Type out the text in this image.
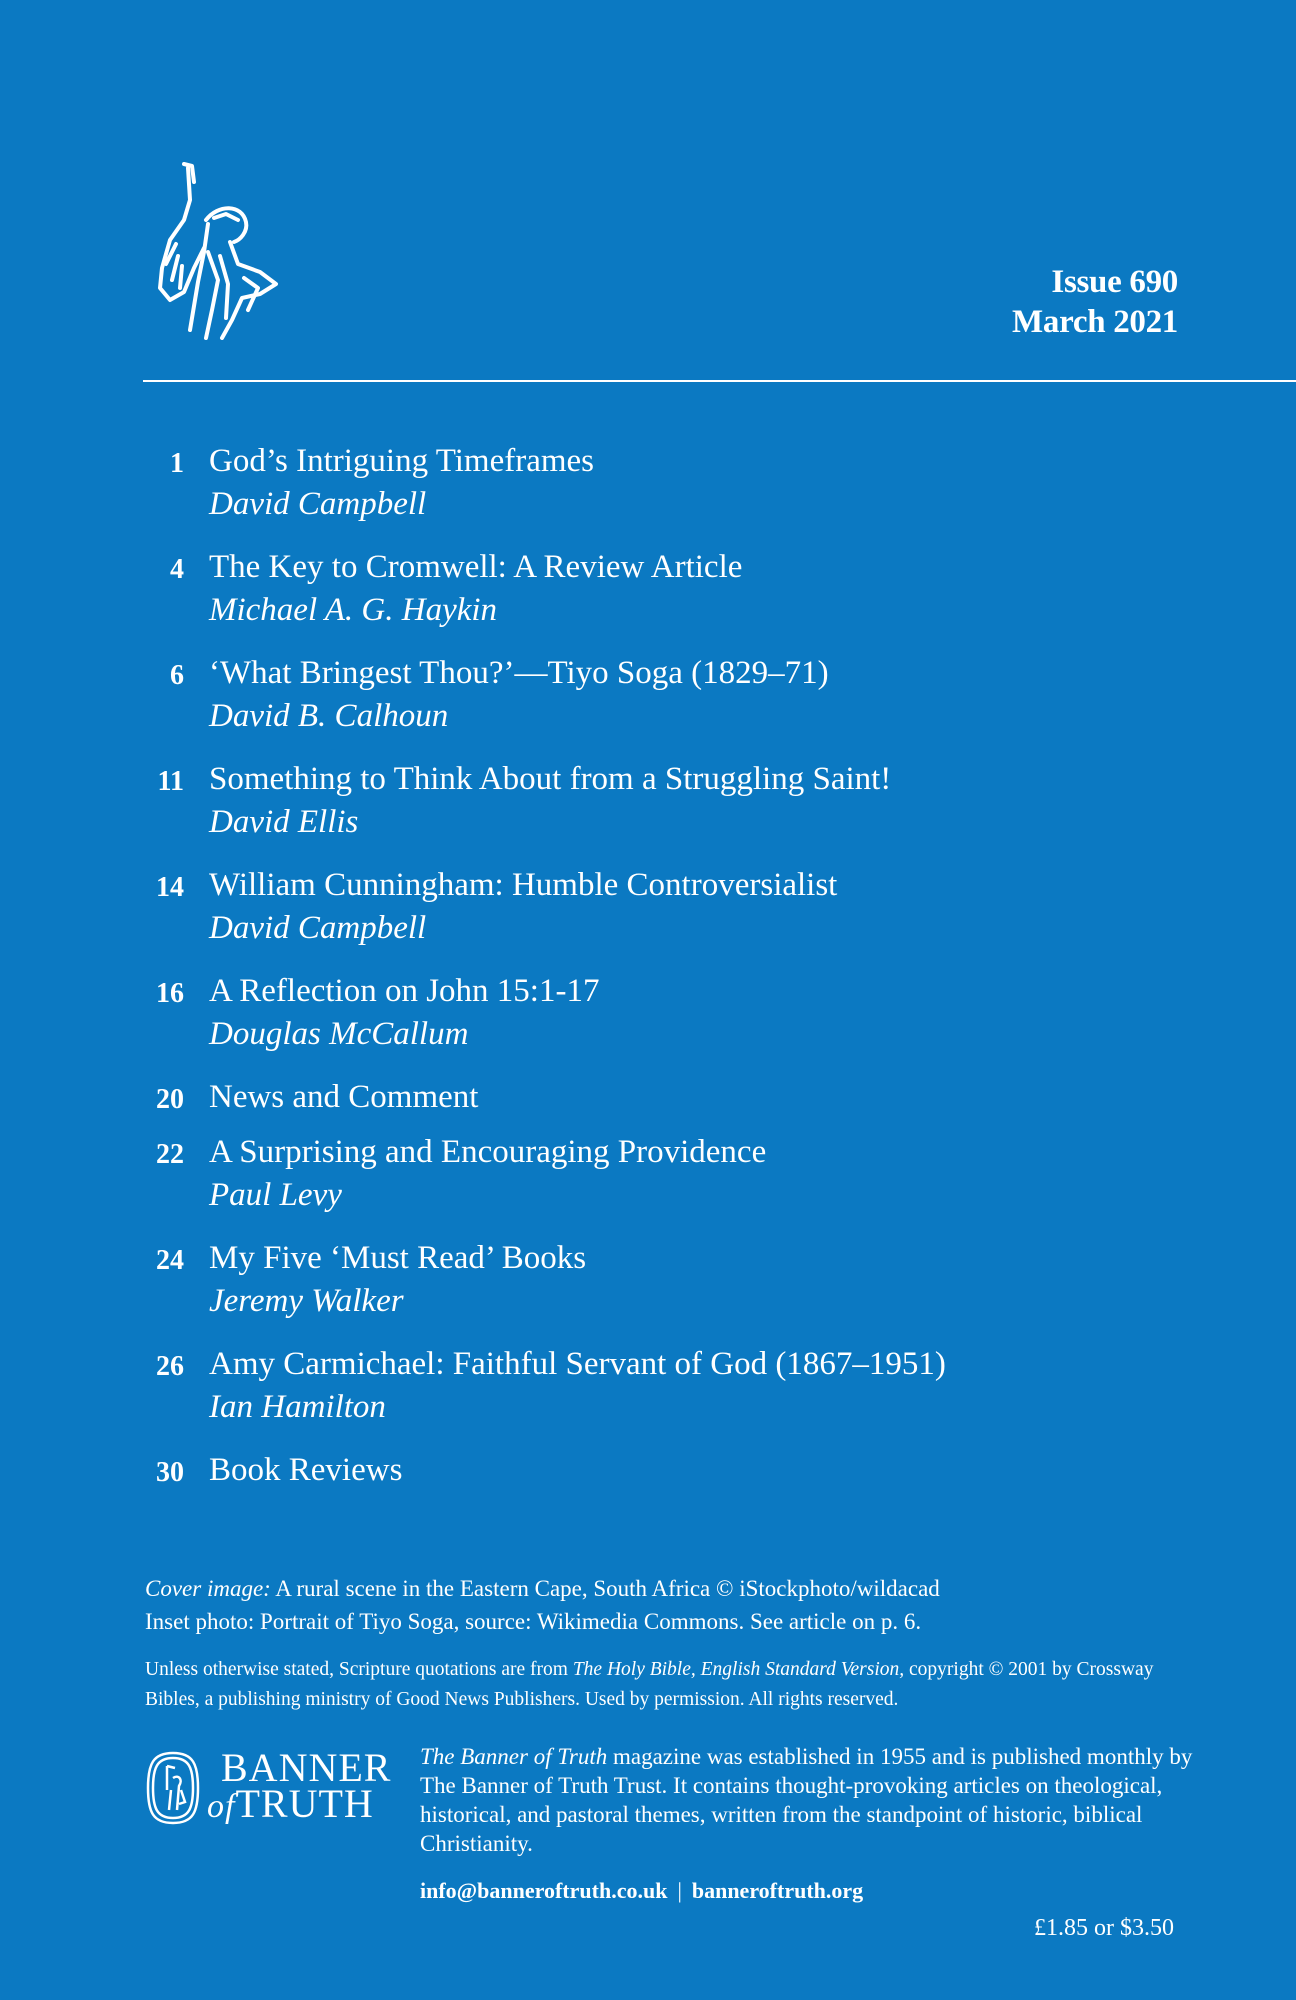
Issue 690
March 2021
1 God’s Intriguing Timeframes
David Campbell
4 The Key to Cromwell: A Review Article
Michael A. G. Haykin
6 ‘What Bringest Thou?’—Tiyo Soga (1829–71)
David B. Calhoun
11 Something to Think About from a Struggling Saint!
David Ellis
14 William Cunningham: Humble Controversialist
David Campbell
16 A Reflection on John 15:1-17
Douglas McCallum
20 News and Comment
22 A Surprising and Encouraging Providence
Paul Levy
24 My Five ‘Must Read’ Books
Jeremy Walker
26 Amy Carmichael: Faithful Servant of God (1867–1951)
Ian Hamilton
30 Book Reviews
Cover image: A rural scene in the Eastern Cape, South Africa © iStockphoto/wildacad
Inset photo: Portrait of Tiyo Soga, source: Wikimedia Commons. See article on p. 6.
Unless otherwise stated, Scripture quotations are from The Holy Bible, English Standard Version, copyright © 2001 by Crossway Bibles, a publishing ministry of Good News Publishers. Used by permission. All rights reserved.
BANNER
ofTRUTH
The Banner of Truth magazine was established in 1955 and is published monthly by The Banner of Truth Trust. It contains thought-provoking articles on theological, historical, and pastoral themes, written from the standpoint of historic, biblical Christianity.
info@banneroftruth.co.uk | banneroftruth.org
£1.85 or $3.50
